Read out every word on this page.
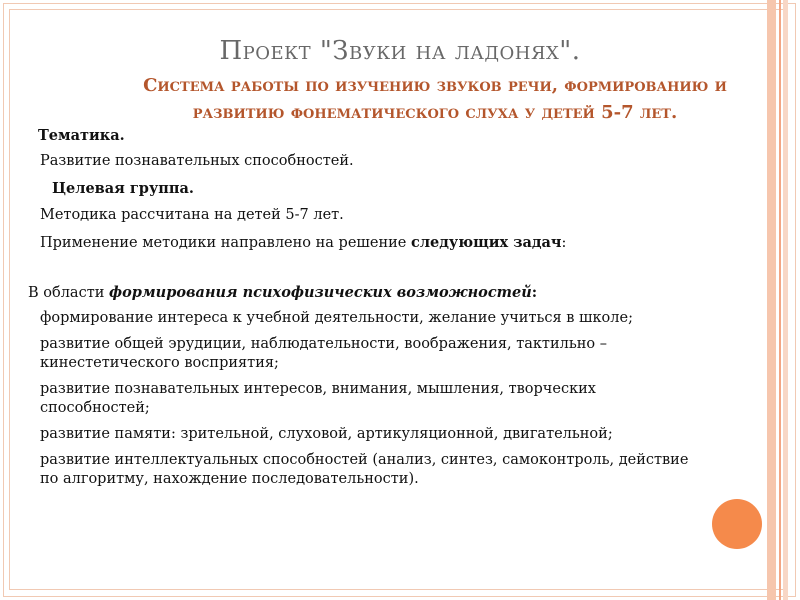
Проект "Звуки на ладонях".
Система работы по изучению звуков речи, формированию и
развитию фонематического слуха у детей 5-7 лет.
Тематика.
Развитие познавательных способностей.
Целевая группа.
Методика рассчитана на детей 5-7 лет.
Применение методики направлено на решение следующих задач:
В области формирования психофизических возможностей:
формирование интереса к учебной деятельности, желание учиться в школе;
развитие общей эрудиции, наблюдательности, воображения, тактильно –
кинестетического восприятия;
развитие познавательных интересов, внимания, мышления, творческих
способностей;
развитие памяти: зрительной, слуховой, артикуляционной, двигательной;
развитие интеллектуальных способностей (анализ, синтез, самоконтроль, действие
по алгоритму, нахождение последовательности).
